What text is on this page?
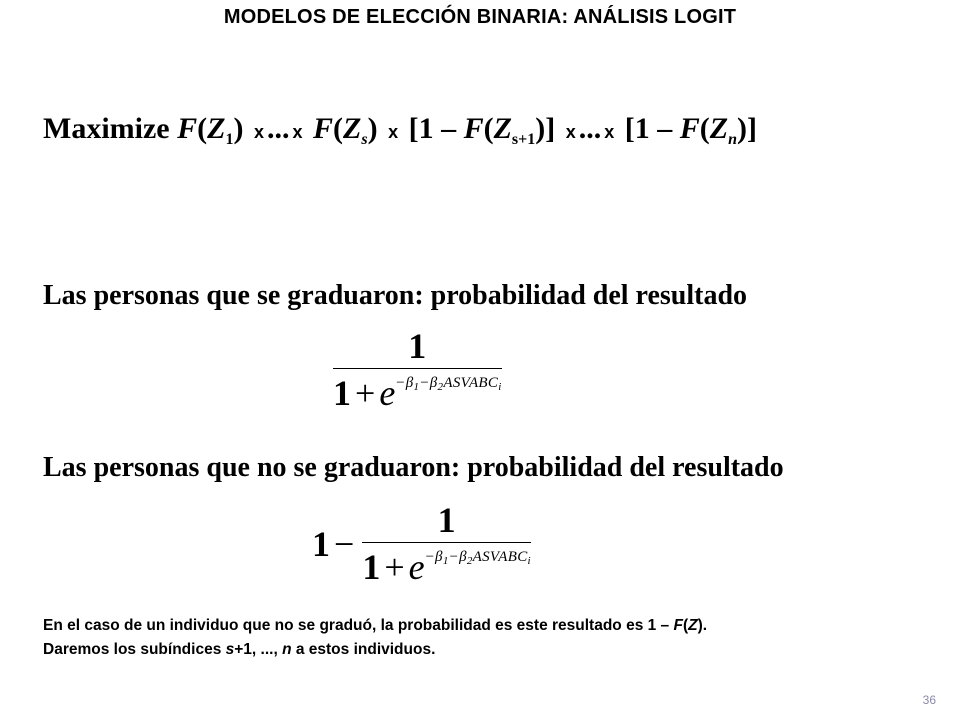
MODELOS DE ELECCIÓN BINARIA: ANÁLISIS LOGIT
Maximize $F(Z_1)$ x ... x $F(Z_s)$ x $[1 - F(Z_{s+1})]$ x ... x $[1 - F(Z_n)]$
Las personas que se graduaron: probabilidad del resultado
$\frac{1}{1 + e^{-\beta_1-\beta_2ASVABC_i}}$
Las personas que no se graduaron: probabilidad del resultado
$1 - \frac{1}{1 + e^{-\beta_1-\beta_2ASVABC_i}}$
En el caso de un individuo que no se graduó, la probabilidad es este resultado es 1 – F(Z).
Daremos los subíndices s+1, ..., n a estos individuos.
36
